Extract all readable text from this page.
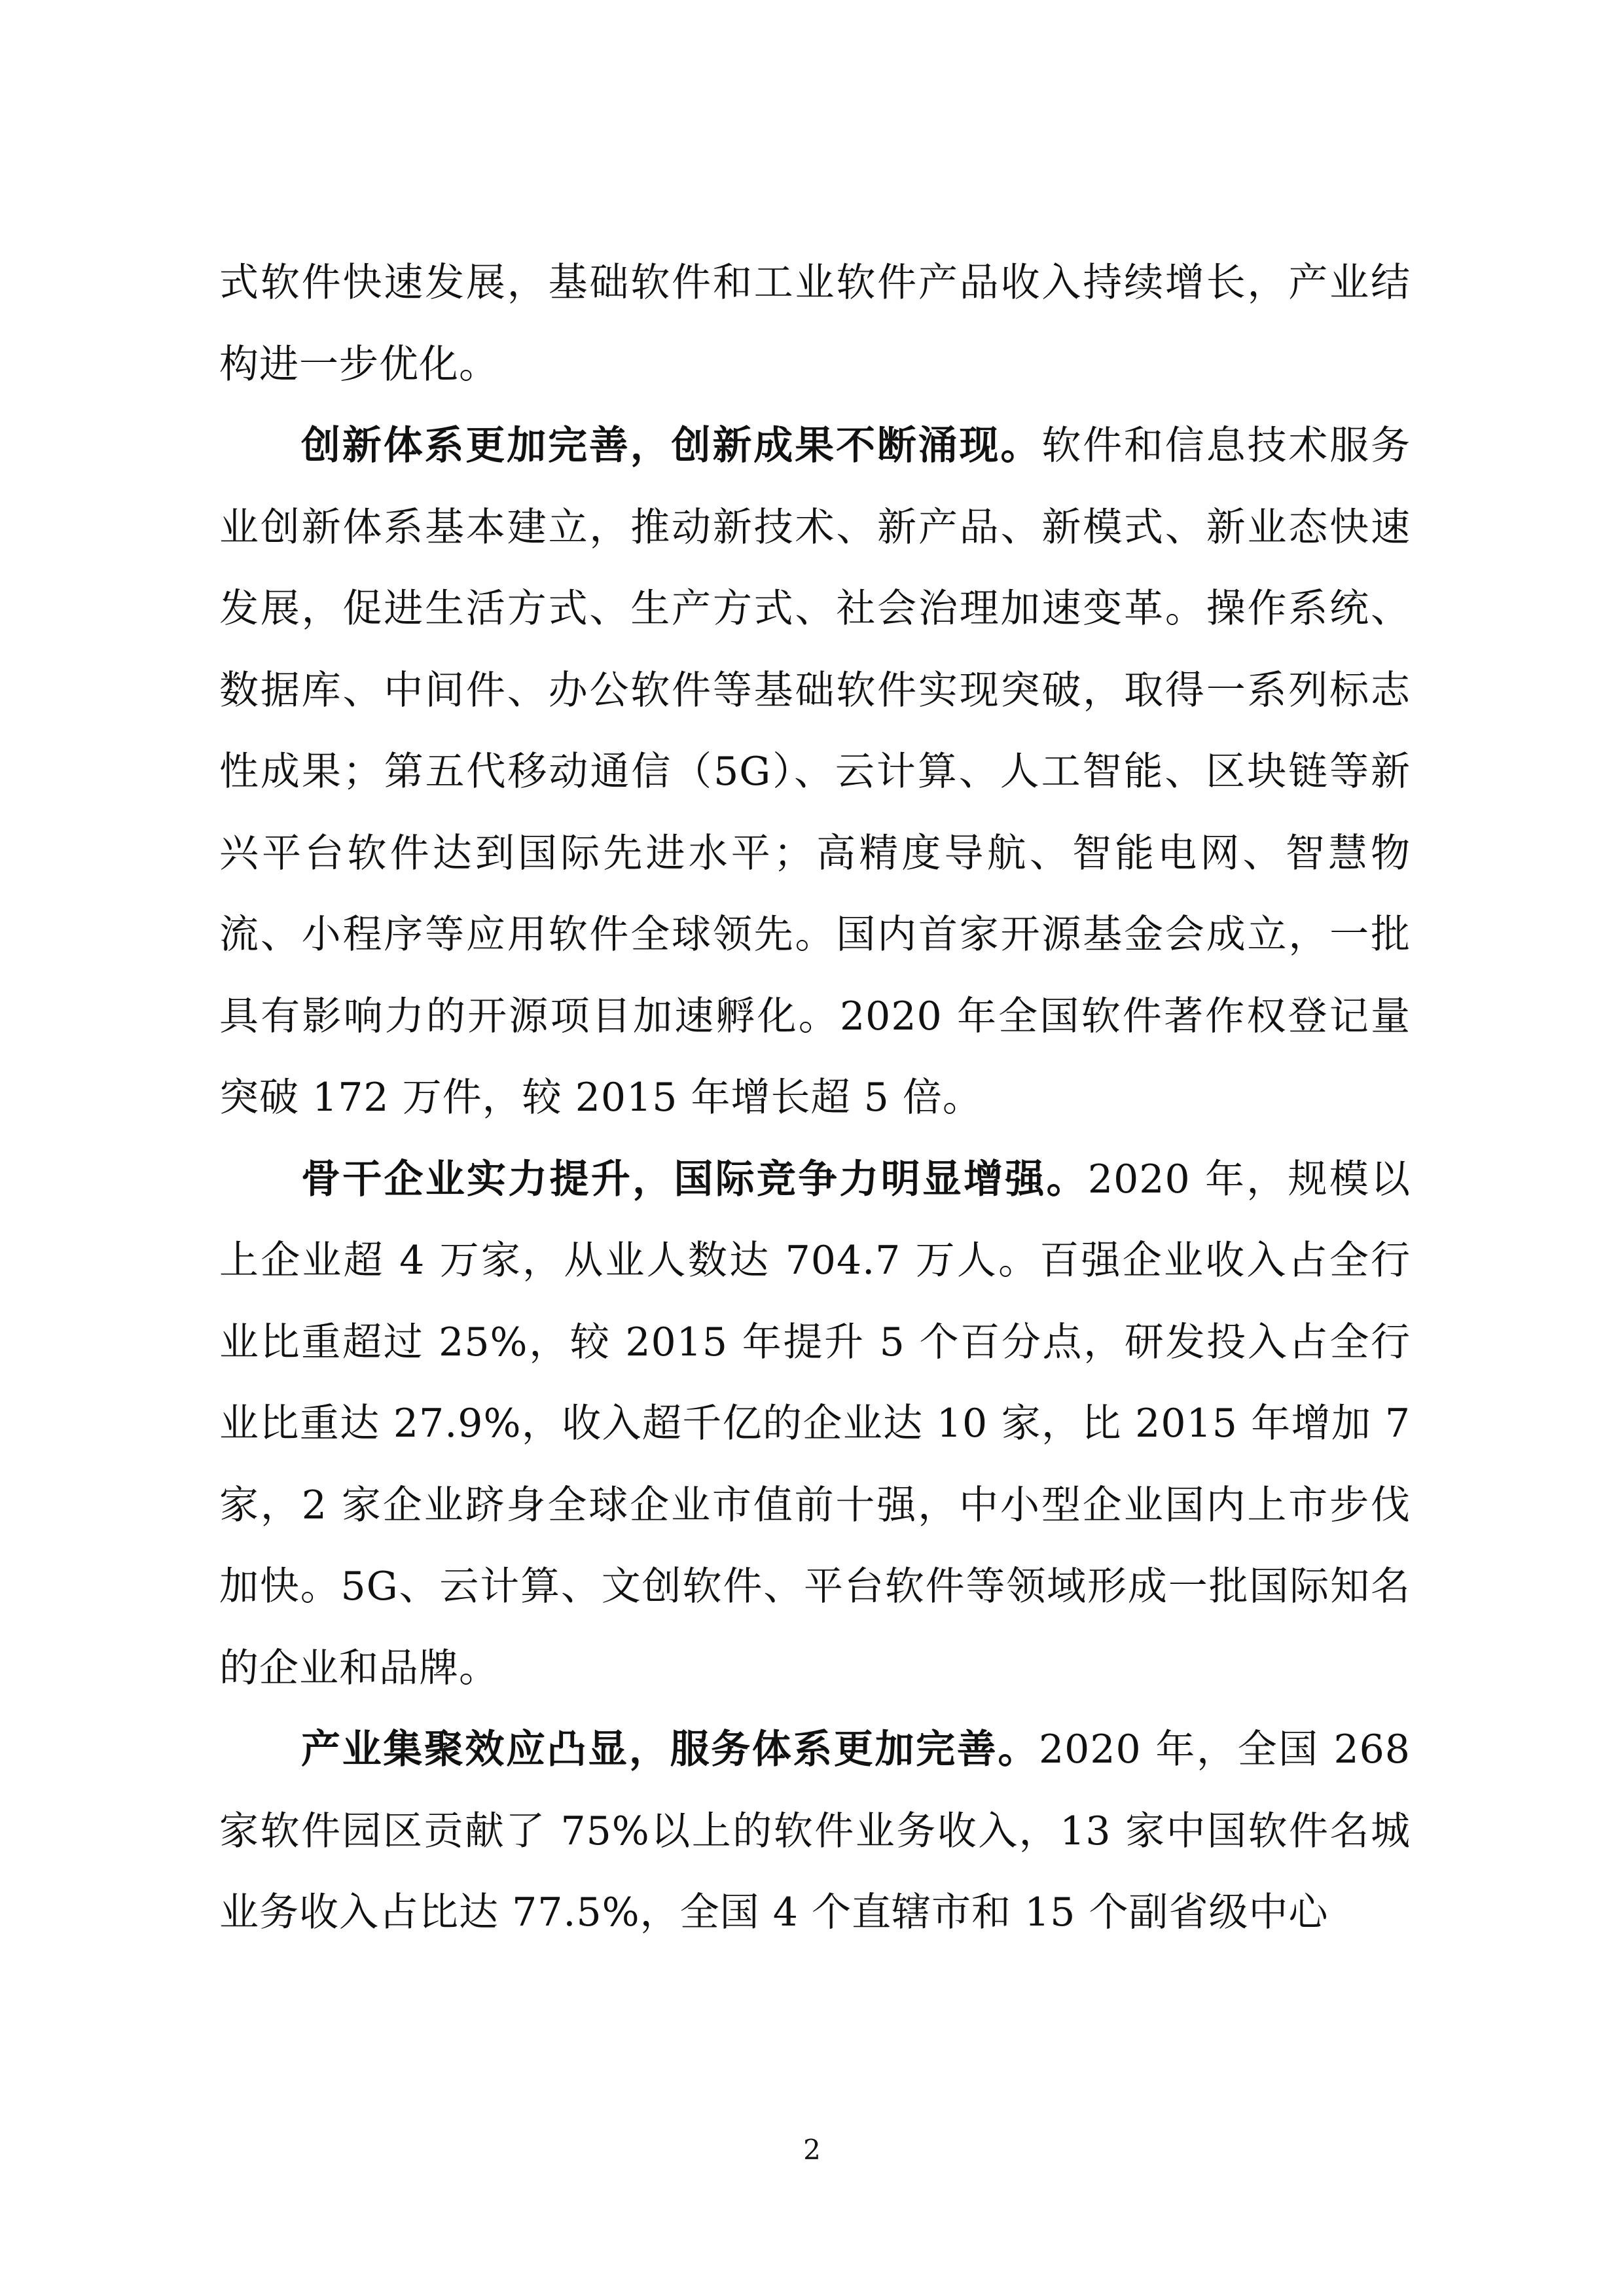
式软件快速发展，基础软件和工业软件产品收入持续增长，产业结构进一步优化。

创新体系更加完善，创新成果不断涌现。软件和信息技术服务业创新体系基本建立，推动新技术、新产品、新模式、新业态快速发展，促进生活方式、生产方式、社会治理加速变革。操作系统、数据库、中间件、办公软件等基础软件实现突破，取得一系列标志性成果；第五代移动通信（5G）、云计算、人工智能、区块链等新兴平台软件达到国际先进水平；高精度导航、智能电网、智慧物流、小程序等应用软件全球领先。国内首家开源基金会成立，一批具有影响力的开源项目加速孵化。2020 年全国软件著作权登记量突破 172 万件，较 2015 年增长超 5 倍。

骨干企业实力提升，国际竞争力明显增强。2020 年，规模以上企业超 4 万家，从业人数达 704.7 万人。百强企业收入占全行业比重超过 25%，较 2015 年提升 5 个百分点，研发投入占全行业比重达 27.9%，收入超千亿的企业达 10 家，比 2015 年增加 7 家，2 家企业跻身全球企业市值前十强，中小型企业国内上市步伐加快。5G、云计算、文创软件、平台软件等领域形成一批国际知名的企业和品牌。

产业集聚效应凸显，服务体系更加完善。2020 年，全国 268 家软件园区贡献了 75%以上的软件业务收入，13 家中国软件名城业务收入占比达 77.5%，全国 4 个直辖市和 15 个副省级中心

2
